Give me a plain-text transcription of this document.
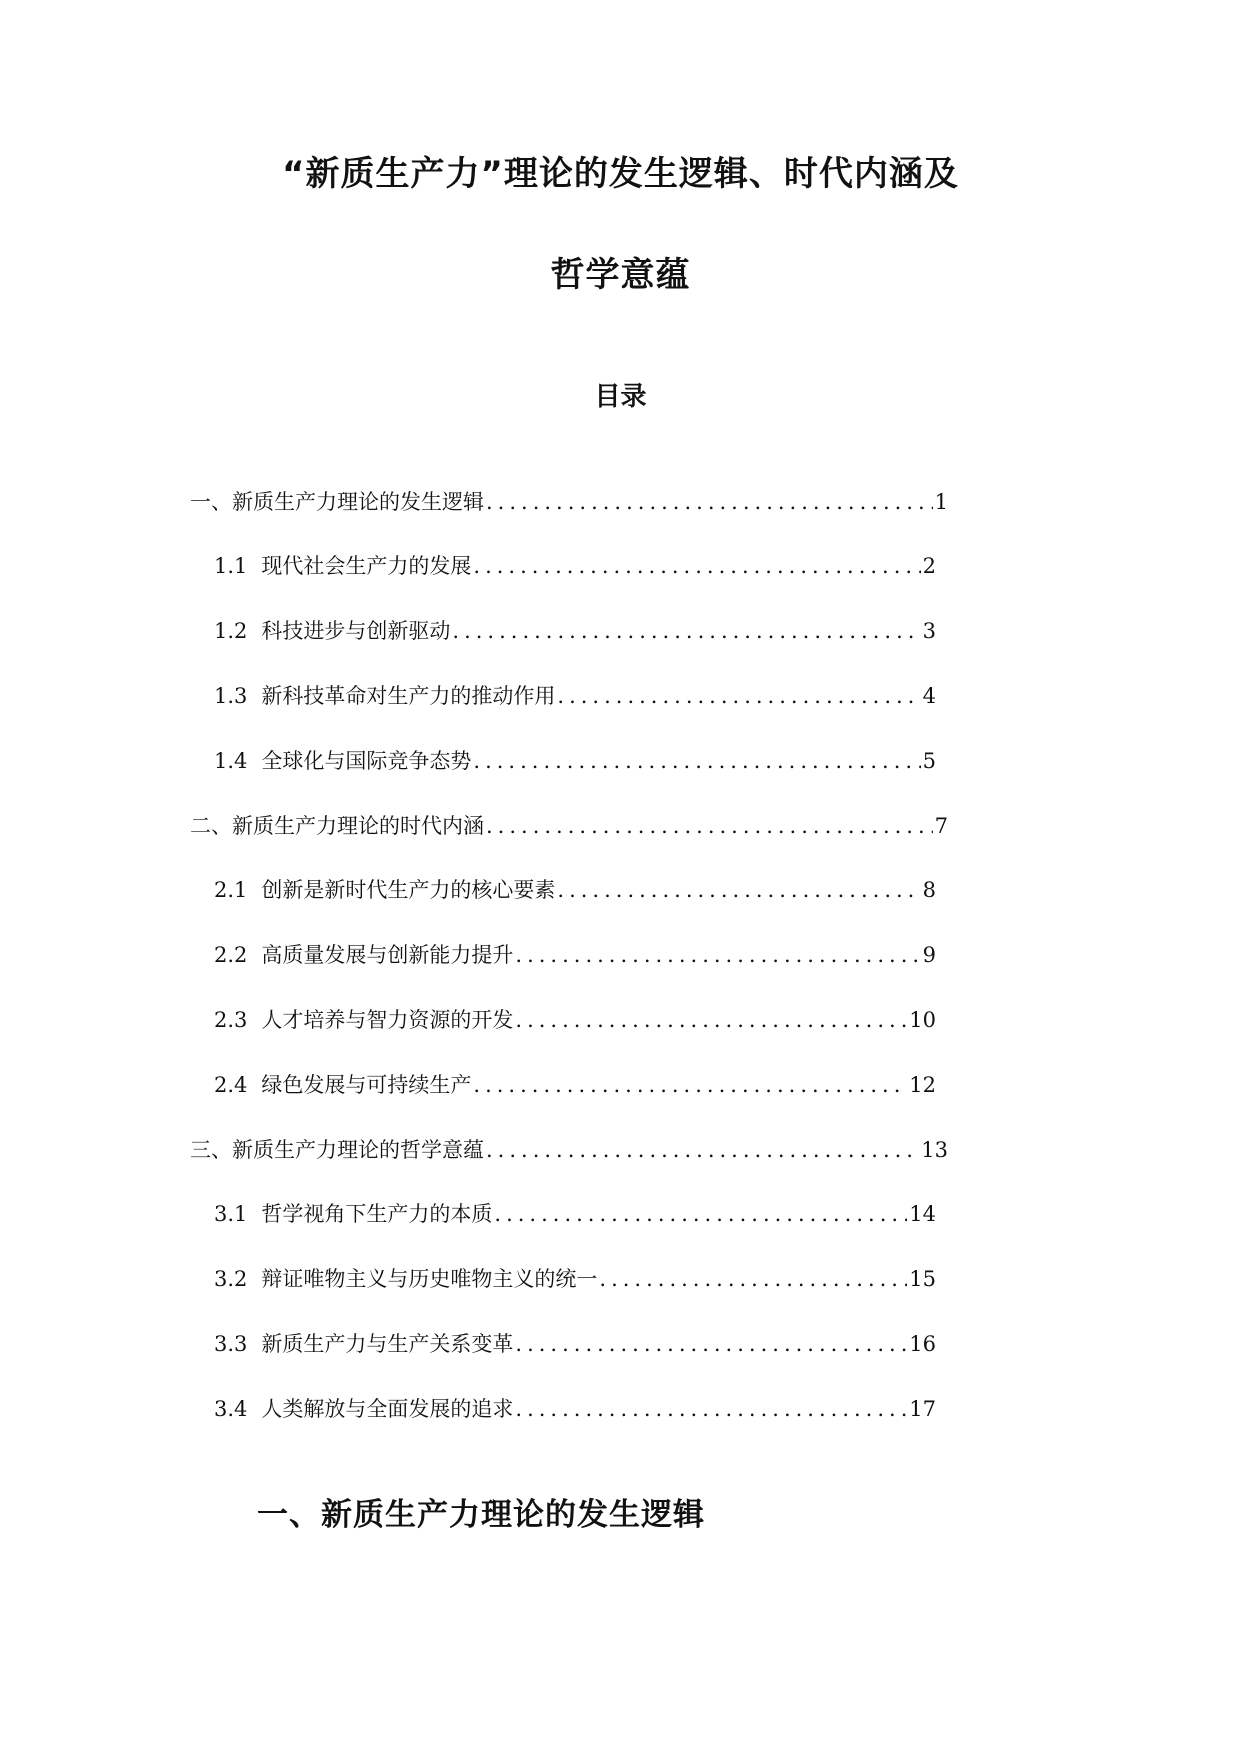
“新质生产力”理论的发生逻辑、时代内涵及
哲学意蕴
目录
一、新质生产力理论的发生逻辑 .....	1
1.1 现代社会生产力的发展 .....	2
1.2 科技进步与创新驱动 .....	3
1.3 新科技革命对生产力的推动作用 .....	4
1.4 全球化与国际竞争态势 .....	5
二、新质生产力理论的时代内涵 .....	7
2.1 创新是新时代生产力的核心要素 .....	8
2.2 高质量发展与创新能力提升 .....	9
2.3 人才培养与智力资源的开发 .....	10
2.4 绿色发展与可持续生产 .....	12
三、新质生产力理论的哲学意蕴 .....	13
3.1 哲学视角下生产力的本质 .....	14
3.2 辩证唯物主义与历史唯物主义的统一 .....	15
3.3 新质生产力与生产关系变革 .....	16
3.4 人类解放与全面发展的追求 .....	17
一、新质生产力理论的发生逻辑
